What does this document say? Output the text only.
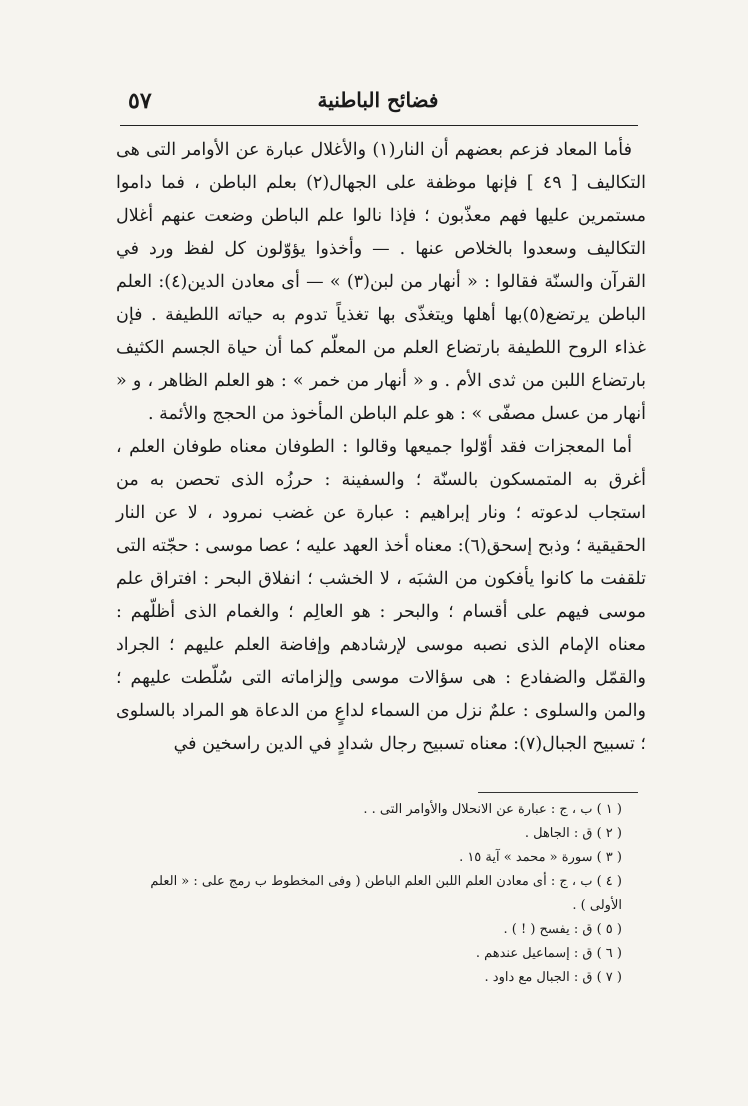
٥٧	فضائح الباطنية

فأما المعاد فزعم بعضهم أن النار(١) والأغلال عبارة عن الأوامر التى هى التكاليف [ ٤٩ ] فإنها موظفة على الجهال(٢) بعلم الباطن ، فما داموا مستمرين عليها فهم معذّبون ؛ فإذا نالوا علم الباطن وضعت عنهم أغلال التكاليف وسعدوا بالخلاص عنها . — وأخذوا يؤوّلون كل لفظ ورد في القرآن والسنّة فقالوا : « أنهار من لبن(٣) » — أى معادن الدين(٤): العلم الباطن يرتضع(٥)بها أهلها ويتغذّى بها تغذياً تدوم به حياته اللطيفة . فإن غذاء الروح اللطيفة بارتضاع العلم من المعلّم كما أن حياة الجسم الكثيف بارتضاع اللبن من ثدى الأم . و « أنهار من خمر » : هو العلم الظاهر ، و « أنهار من عسل مصفّى » : هو علم الباطن المأخوذ من الحجج والأئمة .

أما المعجزات فقد أوّلوا جميعها وقالوا : الطوفان معناه طوفان العلم ، أغرق به المتمسكون بالسنّة ؛ والسفينة : حرزُه الذى تحصن به من استجاب لدعوته ؛ ونار إبراهيم : عبارة عن غضب نمرود ، لا عن النار الحقيقية ؛ وذبح إسحق(٦): معناه أخذ العهد عليه ؛ عصا موسى : حجّته التى تلقفت ما كانوا يأفكون من الشبَه ، لا الخشب ؛ انفلاق البحر : افتراق علم موسى فيهم على أقسام ؛ والبحر : هو العالِم ؛ والغمام الذى أظلّهم : معناه الإمام الذى نصبه موسى لإرشادهم وإفاضة العلم عليهم ؛ الجراد والقمّل والضفادع : هى سؤالات موسى وإلزاماته التى سُلّطت عليهم ؛ والمن والسلوى : علمٌ نزل من السماء لداعٍ من الدعاة هو المراد بالسلوى ؛ تسبيح الجبال(٧): معناه تسبيح رجال شدادٍ في الدين راسخين في

( ١ ) ب ، ج : عبارة عن الانحلال والأوامر التى . .

( ٢ ) ق : الجاهل .

( ٣ ) سورة « محمد » آية ١٥ .

( ٤ ) ب ، ج : أى معادن العلم اللبن العلم الباطن ( وفى المخطوط ب رمج على : « العلم الأولى ) .

( ٥ ) ق : يفسح ( ! ) .

( ٦ ) ق : إسماعيل عندهم .

( ٧ ) ق : الجبال مع داود .
